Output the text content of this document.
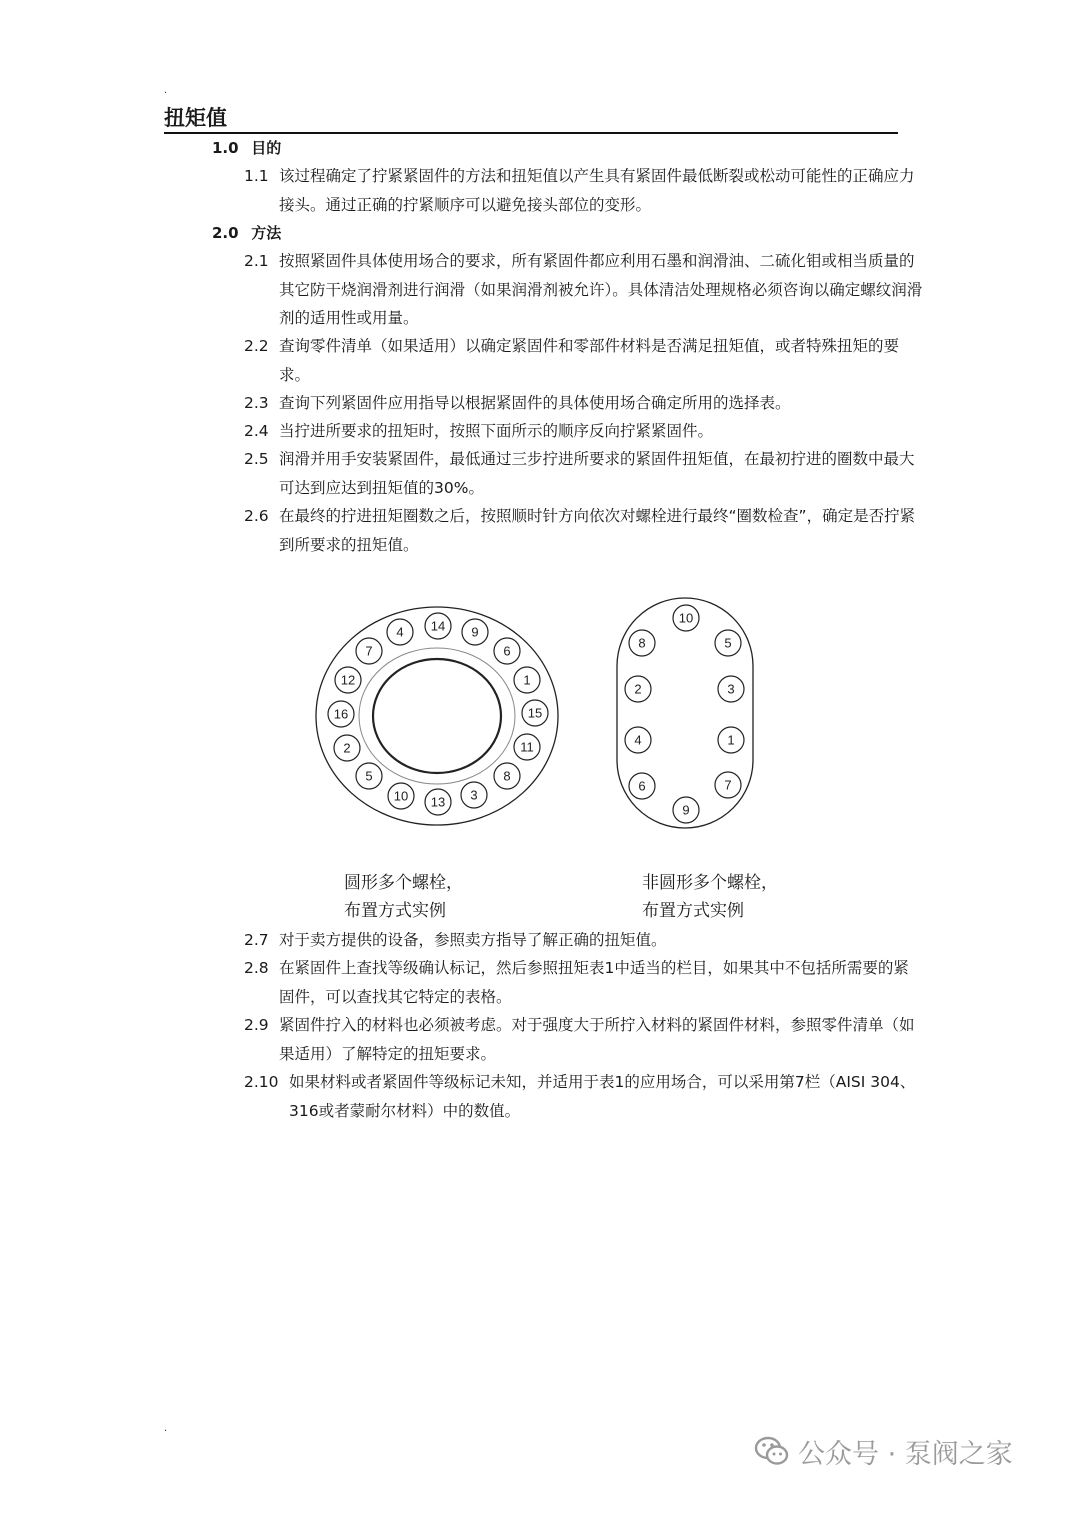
.
.
扭矩值
1.0 目的
1.1 该过程确定了拧紧紧固件的方法和扭矩值以产生具有紧固件最低断裂或松动可能性的正确应力接头。通过正确的拧紧顺序可以避免接头部位的变形。
2.0 方法
2.1 按照紧固件具体使用场合的要求，所有紧固件都应利用石墨和润滑油、二硫化钼或相当质量的其它防干烧润滑剂进行润滑（如果润滑剂被允许）。具体清洁处理规格必须咨询以确定螺纹润滑剂的适用性或用量。
2.2 查询零件清单（如果适用）以确定紧固件和零部件材料是否满足扭矩值，或者特殊扭矩的要求。
2.3 查询下列紧固件应用指导以根据紧固件的具体使用场合确定所用的选择表。
2.4 当拧进所要求的扭矩时，按照下面所示的顺序反向拧紧紧固件。
2.5 润滑并用手安装紧固件，最低通过三步拧进所要求的紧固件扭矩值，在最初拧进的圈数中最大可达到应达到扭矩值的30%。
2.6 在最终的拧进扭矩圈数之后，按照顺时针方向依次对螺栓进行最终“圈数检查”，确定是否拧紧到所要求的扭矩值。
4 14 9
6
1
15
11
8
3
13
10
5
2
16
12
7
10
5
3
1
7
9
6
4
2
8
圆形多个螺栓，
布置方式实例
非圆形多个螺栓，
布置方式实例
2.7 对于卖方提供的设备，参照卖方指导了解正确的扭矩值。
2.8 在紧固件上查找等级确认标记，然后参照扭矩表1中适当的栏目，如果其中不包括所需要的紧固件，可以查找其它特定的表格。
2.9 紧固件拧入的材料也必须被考虑。对于强度大于所拧入材料的紧固件材料，参照零件清单（如果适用）了解特定的扭矩要求。
2.10 如果材料或者紧固件等级标记未知，并适用于表1的应用场合，可以采用第7栏（AISI 304、316或者蒙耐尔材料）中的数值。
公众号 · 泵阀之家
